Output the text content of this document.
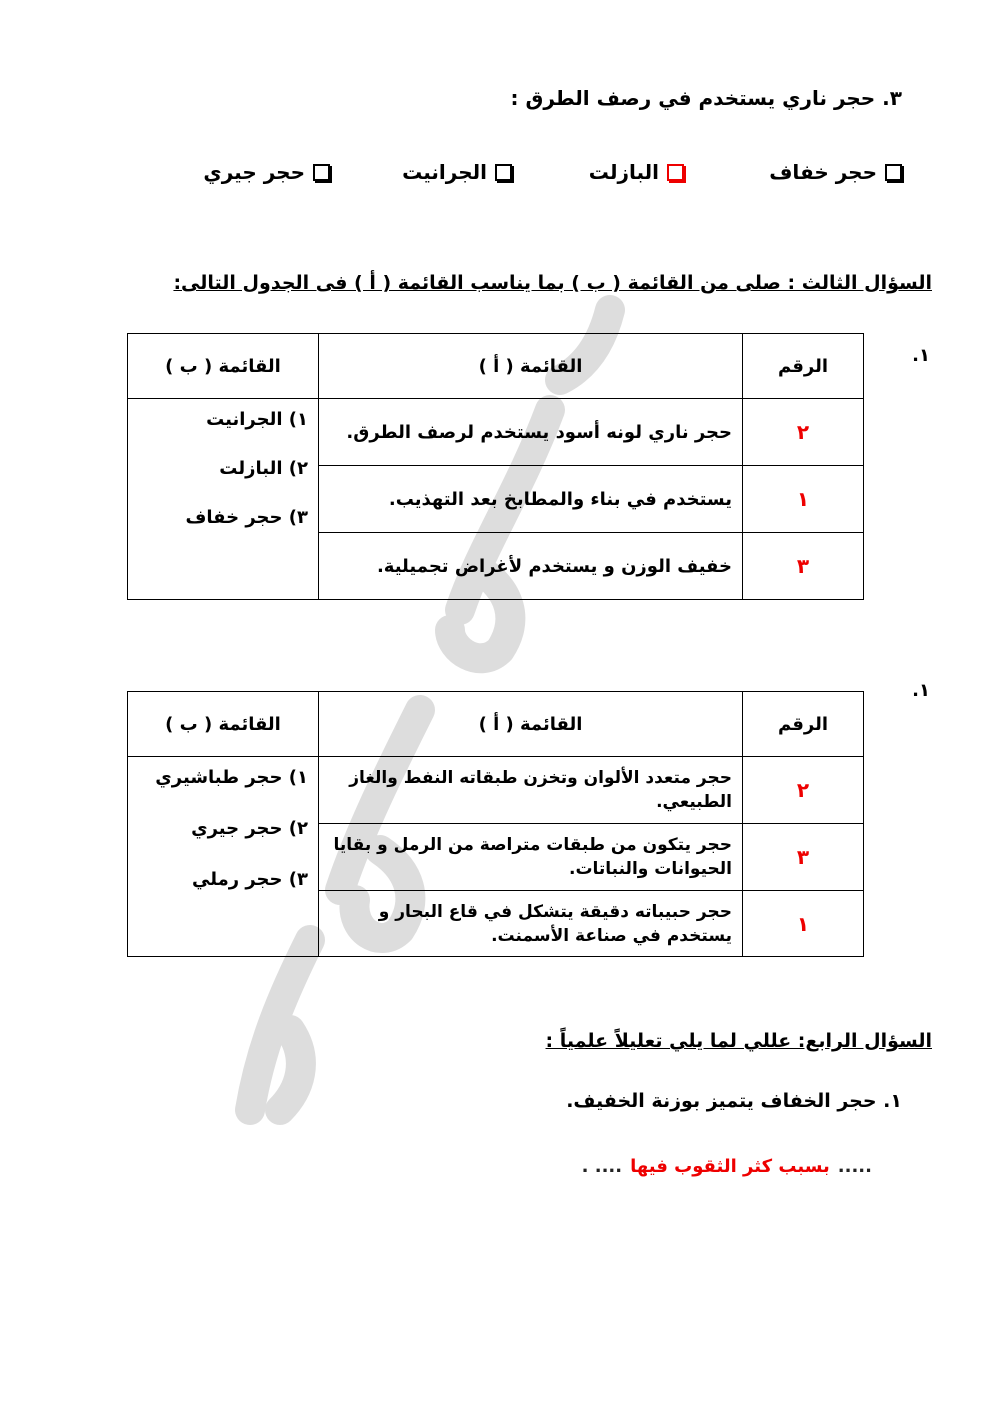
٣. حجر ناري يستخدم في رصف الطرق :
حجر خفاف
البازلت
الجرانيت
حجر جيري
السؤال الثالث : صلى من القائمة ( ب ) بما يناسب القائمة ( أ ) فى الجدول التالى:
١.
الرقم	القائمة ( أ )	القائمة ( ب )
٢	حجر ناري لونه أسود يستخدم لرصف الطرق.	١) الجرانيت
٢) البازلت
٣) حجر خفاف

١	يستخدم في بناء والمطابخ بعد التهذيب.	
٣	خفيف الوزن و يستخدم لأغراض تجميلية.	
١.
الرقم	القائمة ( أ )	القائمة ( ب )
٢	حجر متعدد الألوان وتخزن طبقاته النفط والغاز الطبيعي.	١) حجر طباشيري
٢) حجر جيري
٣) حجر رملي

٣	حجر يتكون من طبقات متراصة من الرمل و بقايا الحيوانات والنباتات.	
١	حجر حبيباته دقيقة يتشكل في قاع البحار و يستخدم في صناعة الأسمنت.	
السؤال الرابع: عللي لما يلي تعليلاً علمياً :
١. حجر الخفاف يتميز بوزنة الخفيف.
.....
بسبب كثر الثقوب فيها
.... .
